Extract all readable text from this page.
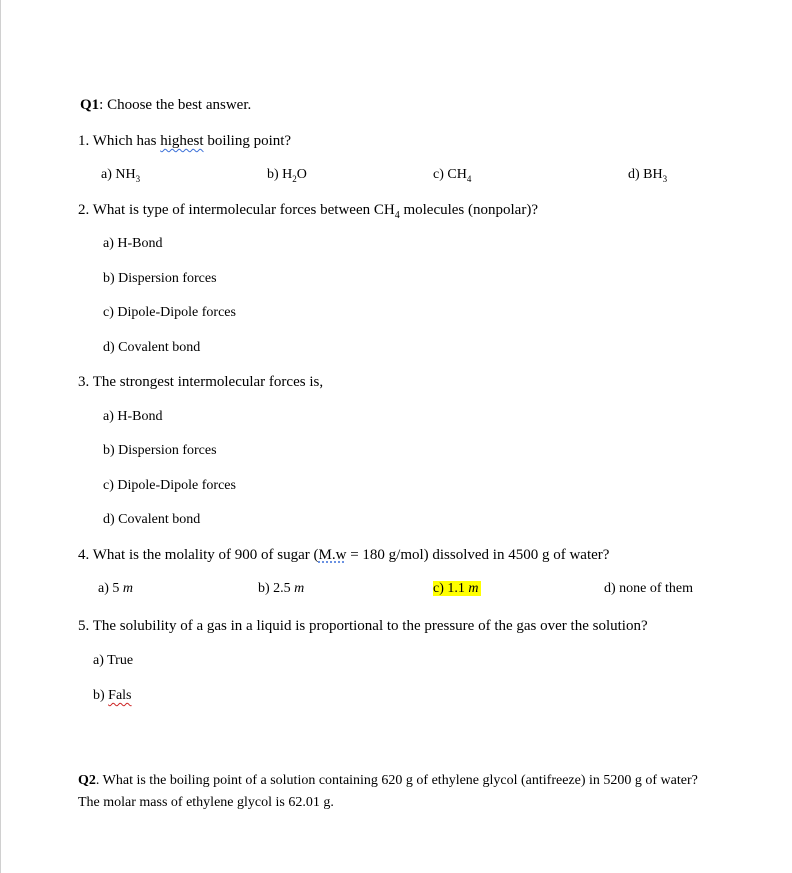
Q1: Choose the best answer.
1. Which has highest boiling point?
a) $NH_3$	b) $H_2O$	c) $CH_4$	d) $BH_3$
2. What is type of intermolecular forces between $CH_4$ molecules (nonpolar)?
a) H-Bond
b) Dispersion forces
c) Dipole-Dipole forces
d) Covalent bond
3. The strongest intermolecular forces is,
a) H-Bond
b) Dispersion forces
c) Dipole-Dipole forces
d) Covalent bond
4. What is the molality of 900 of sugar (M.w = 180 g/mol) dissolved in 4500 g of water?
a) 5 m	b) 2.5 m	c) 1.1 m	d) none of them
5. The solubility of a gas in a liquid is proportional to the pressure of the gas over the solution?
a) True
b) Fals
Q2. What is the boiling point of a solution containing 620 g of ethylene glycol (antifreeze) in 5200 g of water? The molar mass of ethylene glycol is 62.01 g.
